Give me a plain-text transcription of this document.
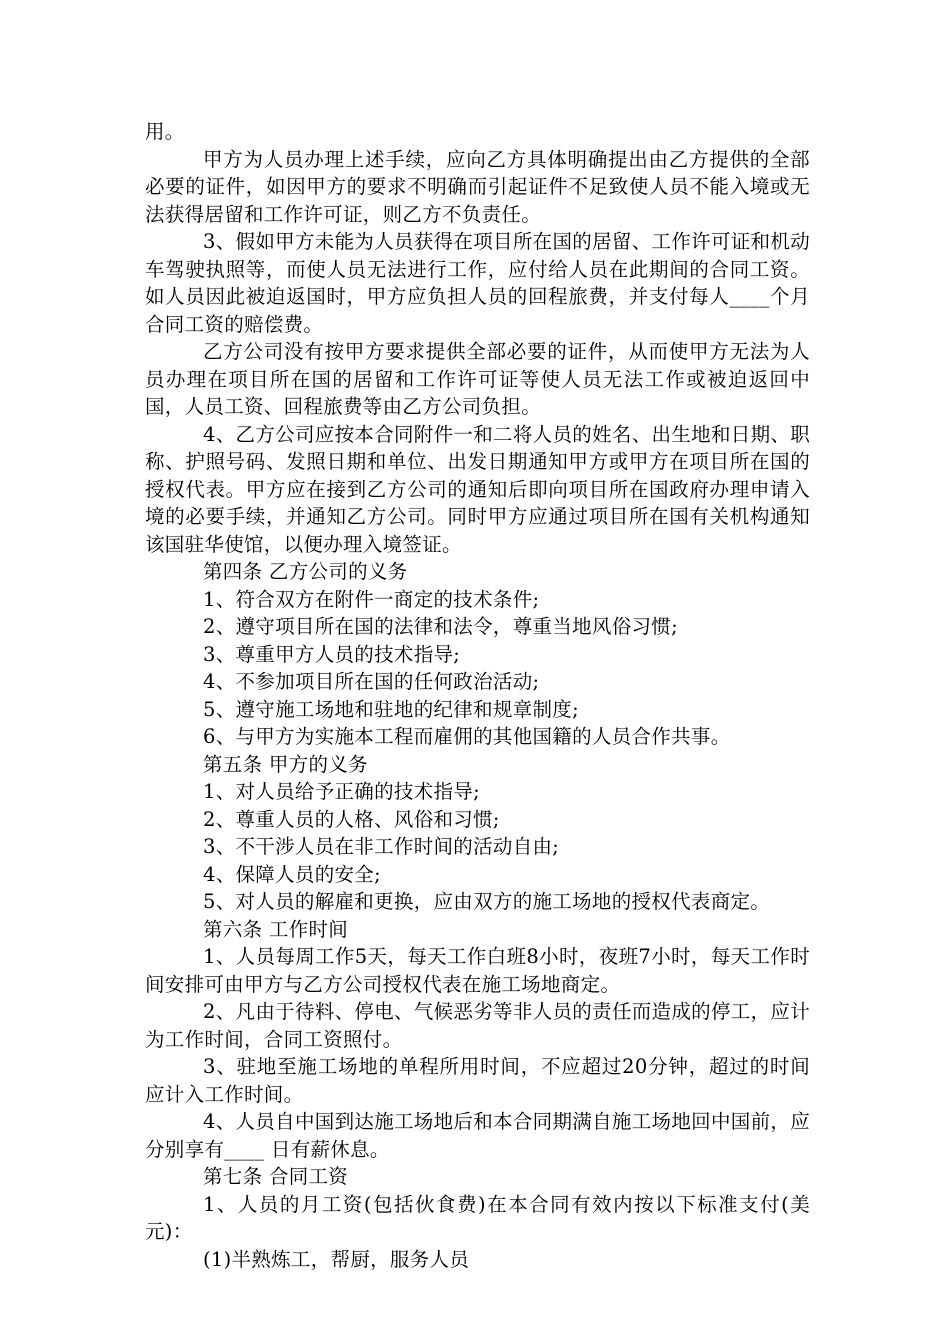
用。

甲方为人员办理上述手续，应向乙方具体明确提出由乙方提供的全部必要的证件，如因甲方的要求不明确而引起证件不足致使人员不能入境或无法获得居留和工作许可证，则乙方不负责任。

3、假如甲方未能为人员获得在项目所在国的居留、工作许可证和机动车驾驶执照等，而使人员无法进行工作，应付给人员在此期间的合同工资。如人员因此被迫返国时，甲方应负担人员的回程旅费，并支付每人____个月合同工资的赔偿费。

乙方公司没有按甲方要求提供全部必要的证件，从而使甲方无法为人员办理在项目所在国的居留和工作许可证等使人员无法工作或被迫返回中国，人员工资、回程旅费等由乙方公司负担。

4、乙方公司应按本合同附件一和二将人员的姓名、出生地和日期、职称、护照号码、发照日期和单位、出发日期通知甲方或甲方在项目所在国的授权代表。甲方应在接到乙方公司的通知后即向项目所在国政府办理申请入境的必要手续，并通知乙方公司。同时甲方应通过项目所在国有关机构通知该国驻华使馆，以便办理入境签证。

第四条 乙方公司的义务

1、符合双方在附件一商定的技术条件;

2、遵守项目所在国的法律和法令，尊重当地风俗习惯;

3、尊重甲方人员的技术指导;

4、不参加项目所在国的任何政治活动;

5、遵守施工场地和驻地的纪律和规章制度;

6、与甲方为实施本工程而雇佣的其他国籍的人员合作共事。

第五条 甲方的义务

1、对人员给予正确的技术指导;

2、尊重人员的人格、风俗和习惯;

3、不干涉人员在非工作时间的活动自由;

4、保障人员的安全;

5、对人员的解雇和更换，应由双方的施工场地的授权代表商定。

第六条 工作时间

1、人员每周工作5天，每天工作白班8小时，夜班7小时，每天工作时间安排可由甲方与乙方公司授权代表在施工场地商定。

2、凡由于待料、停电、气候恶劣等非人员的责任而造成的停工，应计为工作时间，合同工资照付。

3、驻地至施工场地的单程所用时间，不应超过20分钟，超过的时间应计入工作时间。

4、人员自中国到达施工场地后和本合同期满自施工场地回中国前，应分别享有____ 日有薪休息。

第七条 合同工资

1、人员的月工资(包括伙食费)在本合同有效内按以下标准支付(美元)：

(1)半熟炼工，帮厨，服务人员
